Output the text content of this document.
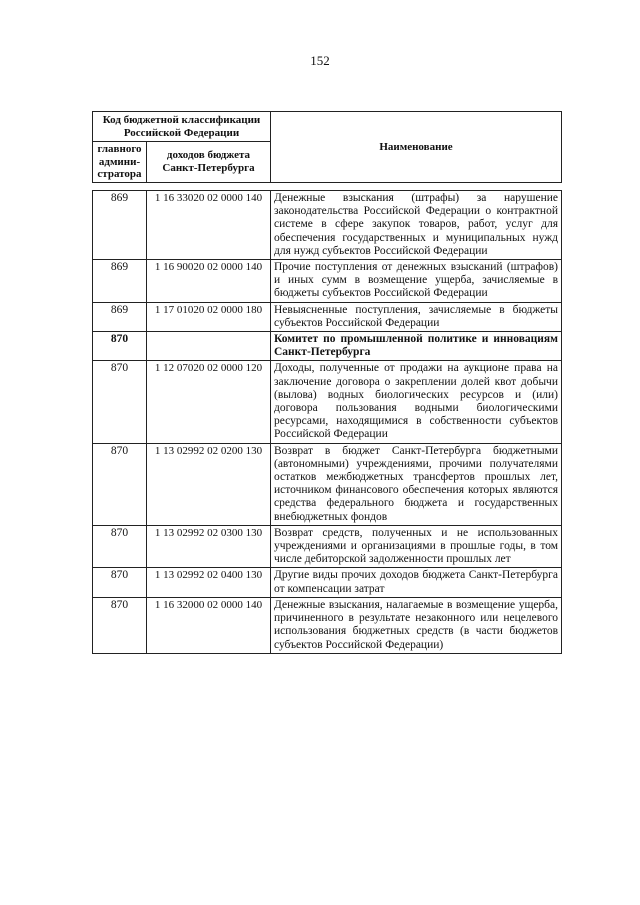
152
Код бюджетной классификации Российской Федерации		Наименование
главного админи-стратора	доходов бюджета Санкт-Петербурга	
869	1 16 33020 02 0000 140	Денежные взыскания (штрафы) за нарушение законодательства Российской Федерации о контрактной системе в сфере закупок товаров, работ, услуг для обеспечения государственных и муниципальных нужд для нужд субъектов Российской Федерации
869	1 16 90020 02 0000 140	Прочие поступления от денежных взысканий (штрафов) и иных сумм в возмещение ущерба, зачисляемые в бюджеты субъектов Российской Федерации
869	1 17 01020 02 0000 180	Невыясненные поступления, зачисляемые в бюджеты субъектов Российской Федерации
870		Комитет по промышленной политике и инновациям Санкт-Петербурга
870	1 12 07020 02 0000 120	Доходы, полученные от продажи на аукционе права на заключение договора о закреплении долей квот добычи (вылова) водных биологических ресурсов и (или) договора пользования водными биологическими ресурсами, находящимися в собственности субъектов Российской Федерации
870	1 13 02992 02 0200 130	Возврат в бюджет Санкт-Петербурга бюджетными (автономными) учреждениями, прочими получателями остатков межбюджетных трансфертов прошлых лет, источником финансового обеспечения которых являются средства федерального бюджета и государственных внебюджетных фондов
870	1 13 02992 02 0300 130	Возврат средств, полученных и не использованных учреждениями и организациями в прошлые годы, в том числе дебиторской задолженности прошлых лет
870	1 13 02992 02 0400 130	Другие виды прочих доходов бюджета Санкт-Петербурга от компенсации затрат
870	1 16 32000 02 0000 140	Денежные взыскания, налагаемые в возмещение ущерба, причиненного в результате незаконного или нецелевого использования бюджетных средств (в части бюджетов субъектов Российской Федерации)
